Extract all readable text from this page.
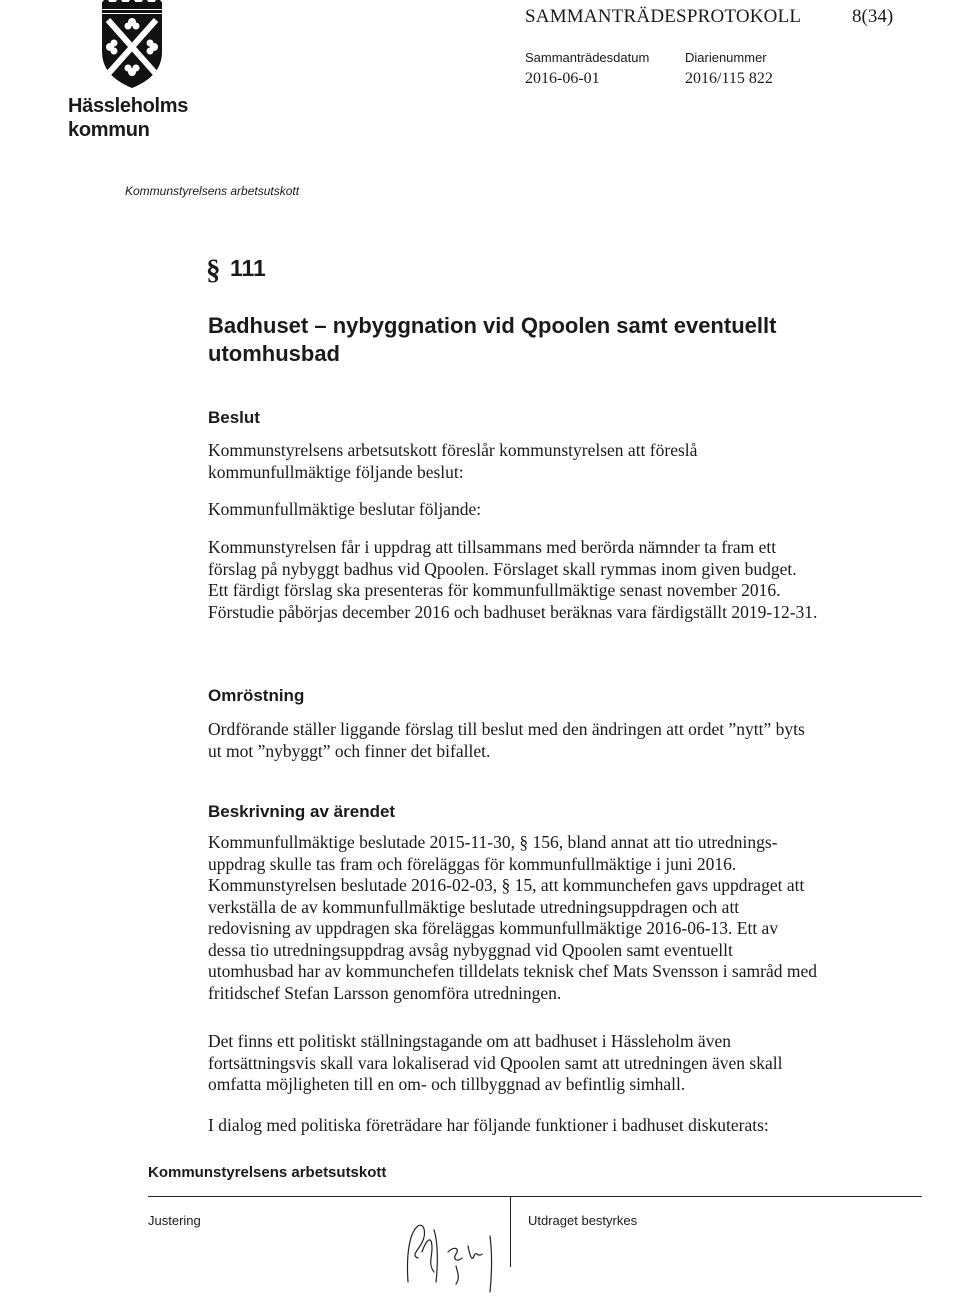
Hässleholms kommun
SAMMANTRÄDESPROTOKOLL	8(34)
Sammanträdesdatum
2016-06-01
Diarienummer
2016/115 822
Kommunstyrelsens arbetsutskott
§ 111
Badhuset – nybyggnation vid Qpoolen samt eventuellt utomhusbad
Beslut
Kommunstyrelsens arbetsutskott föreslår kommunstyrelsen att föreslå kommunfullmäktige följande beslut:
Kommunfullmäktige beslutar följande:
Kommunstyrelsen får i uppdrag att tillsammans med berörda nämnder ta fram ett förslag på nybyggt badhus vid Qpoolen. Förslaget skall rymmas inom given budget. Ett färdigt förslag ska presenteras för kommunfullmäktige senast november 2016. Förstudie påbörjas december 2016 och badhuset beräknas vara färdigställt 2019-12-31.
Omröstning
Ordförande ställer liggande förslag till beslut med den ändringen att ordet ”nytt” byts ut mot ”nybyggt” och finner det bifallet.
Beskrivning av ärendet
Kommunfullmäktige beslutade 2015-11-30, § 156, bland annat att tio utrednings-uppdrag skulle tas fram och föreläggas för kommunfullmäktige i juni 2016. Kommunstyrelsen beslutade 2016-02-03, § 15, att kommunchefen gavs uppdraget att verkställa de av kommunfullmäktige beslutade utredningsuppdragen och att redovisning av uppdragen ska föreläggas kommunfullmäktige 2016-06-13. Ett av dessa tio utredningsuppdrag avsåg nybyggnad vid Qpoolen samt eventuellt utomhusbad har av kommunchefen tilldelats teknisk chef Mats Svensson i samråd med fritidschef Stefan Larsson genomföra utredningen.
Det finns ett politiskt ställningstagande om att badhuset i Hässleholm även fortsättningsvis skall vara lokaliserad vid Qpoolen samt att utredningen även skall omfatta möjligheten till en om- och tillbyggnad av befintlig simhall.
I dialog med politiska företrädare har följande funktioner i badhuset diskuterats:
Kommunstyrelsens arbetsutskott
Justering	Utdraget bestyrkes
